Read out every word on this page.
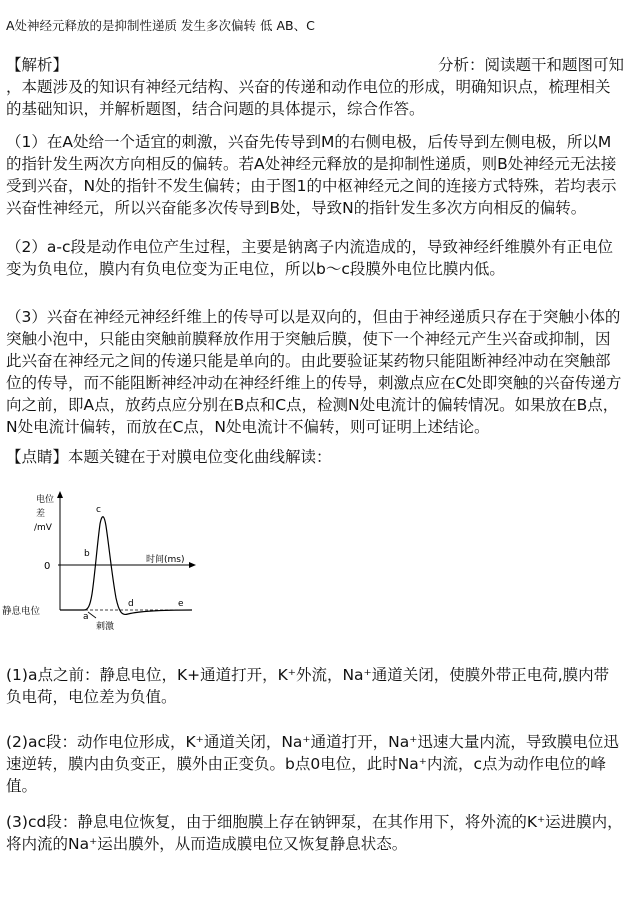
A处神经元释放的是抑制性递质 发生多次偏转 低 AB、C
【解析】	分析：阅读题干和题图可知
，本题涉及的知识有神经元结构、兴奋的传递和动作电位的形成，明确知识点，梳理相关的基础知识，并解析题图，结合问题的具体提示，综合作答。
（1）在A处给一个适宜的刺激，兴奋先传导到M的右侧电极，后传导到左侧电极，所以M的指针发生两次方向相反的偏转。若A处神经元释放的是抑制性递质，则B处神经元无法接受到兴奋，N处的指针不发生偏转；由于图1的中枢神经元之间的连接方式特殊，若均表示兴奋性神经元，所以兴奋能多次传导到B处，导致N的指针发生多次方向相反的偏转。
（2）a-c段是动作电位产生过程，主要是钠离子内流造成的，导致神经纤维膜外有正电位变为负电位，膜内有负电位变为正电位，所以b～c段膜外电位比膜内低。
（3）兴奋在神经元神经纤维上的传导可以是双向的，但由于神经递质只存在于突触小体的突触小泡中，只能由突触前膜释放作用于突触后膜，使下一个神经元产生兴奋或抑制，因此兴奋在神经元之间的传递只能是单向的。由此要验证某药物只能阻断神经冲动在突触部位的传导，而不能阻断神经冲动在神经纤维上的传导，刺激点应在C处即突触的兴奋传递方向之前，即A点，放药点应分别在B点和C点，检测N处电流计的偏转情况。如果放在B点，N处电流计偏转，而放在C点，N处电流计不偏转，则可证明上述结论。
【点睛】本题关键在于对膜电位变化曲线解读：
电位
差
/mV
0
时间(ms)
静息电位
刺激
a
b
c
d	e
(1)a点之前：静息电位，K+通道打开，K⁺外流，Na⁺通道关闭，使膜外带正电荷,膜内带负电荷，电位差为负值。
(2)ac段：动作电位形成，K⁺通道关闭，Na⁺通道打开，Na⁺迅速大量内流，导致膜电位迅速逆转，膜内由负变正，膜外由正变负。b点0电位，此时Na⁺内流，c点为动作电位的峰值。
(3)cd段：静息电位恢复，由于细胞膜上存在钠钾泵，在其作用下，将外流的K⁺运进膜内，将内流的Na⁺运出膜外，从而造成膜电位又恢复静息状态。
